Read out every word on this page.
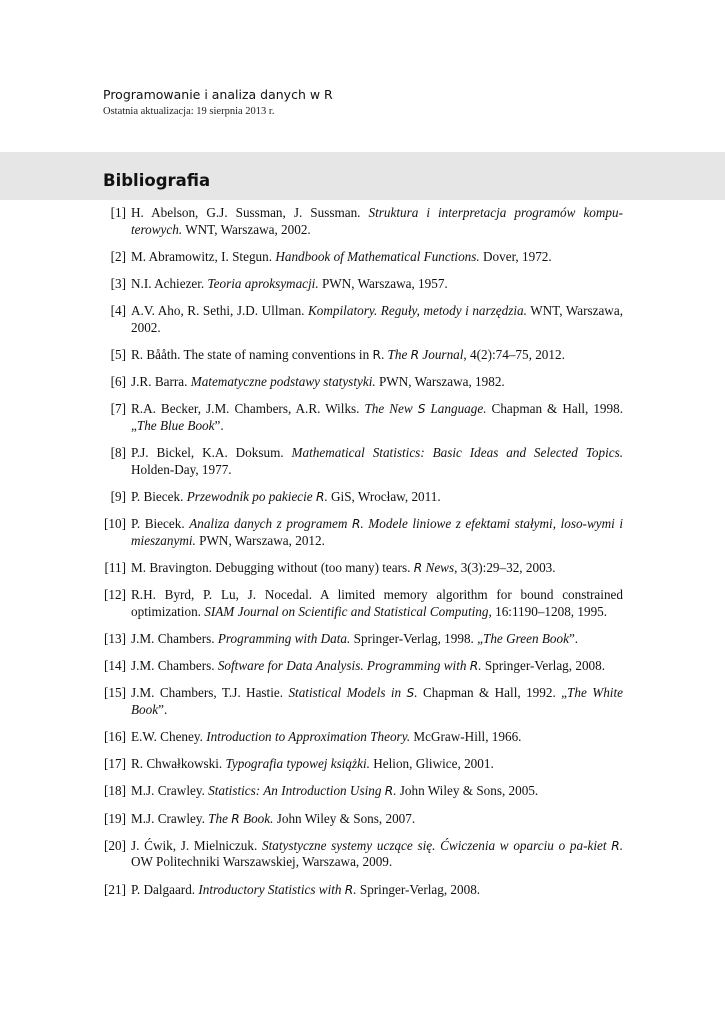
Programowanie i analiza danych w R
Ostatnia aktualizacja: 19 sierpnia 2013 r.
Bibliografia
[1] H. Abelson, G.J. Sussman, J. Sussman. Struktura i interpretacja programów kompu-terowych. WNT, Warszawa, 2002.
[2] M. Abramowitz, I. Stegun. Handbook of Mathematical Functions. Dover, 1972.
[3] N.I. Achiezer. Teoria aproksymacji. PWN, Warszawa, 1957.
[4] A.V. Aho, R. Sethi, J.D. Ullman. Kompilatory. Reguły, metody i narzędzia. WNT, Warszawa, 2002.
[5] R. Bååth. The state of naming conventions in R. The R Journal, 4(2):74–75, 2012.
[6] J.R. Barra. Matematyczne podstawy statystyki. PWN, Warszawa, 1982.
[7] R.A. Becker, J.M. Chambers, A.R. Wilks. The New S Language. Chapman & Hall, 1998. „The Blue Book”.
[8] P.J. Bickel, K.A. Doksum. Mathematical Statistics: Basic Ideas and Selected Topics. Holden-Day, 1977.
[9] P. Biecek. Przewodnik po pakiecie R. GiS, Wrocław, 2011.
[10] P. Biecek. Analiza danych z programem R. Modele liniowe z efektami stałymi, loso-wymi i mieszanymi. PWN, Warszawa, 2012.
[11] M. Bravington. Debugging without (too many) tears. R News, 3(3):29–32, 2003.
[12] R.H. Byrd, P. Lu, J. Nocedal. A limited memory algorithm for bound constrained optimization. SIAM Journal on Scientific and Statistical Computing, 16:1190–1208, 1995.
[13] J.M. Chambers. Programming with Data. Springer-Verlag, 1998. „The Green Book”.
[14] J.M. Chambers. Software for Data Analysis. Programming with R. Springer-Verlag, 2008.
[15] J.M. Chambers, T.J. Hastie. Statistical Models in S. Chapman & Hall, 1992. „The White Book”.
[16] E.W. Cheney. Introduction to Approximation Theory. McGraw-Hill, 1966.
[17] R. Chwałkowski. Typografia typowej książki. Helion, Gliwice, 2001.
[18] M.J. Crawley. Statistics: An Introduction Using R. John Wiley & Sons, 2005.
[19] M.J. Crawley. The R Book. John Wiley & Sons, 2007.
[20] J. Ćwik, J. Mielniczuk. Statystyczne systemy uczące się. Ćwiczenia w oparciu o pa-kiet R. OW Politechniki Warszawskiej, Warszawa, 2009.
[21] P. Dalgaard. Introductory Statistics with R. Springer-Verlag, 2008.
